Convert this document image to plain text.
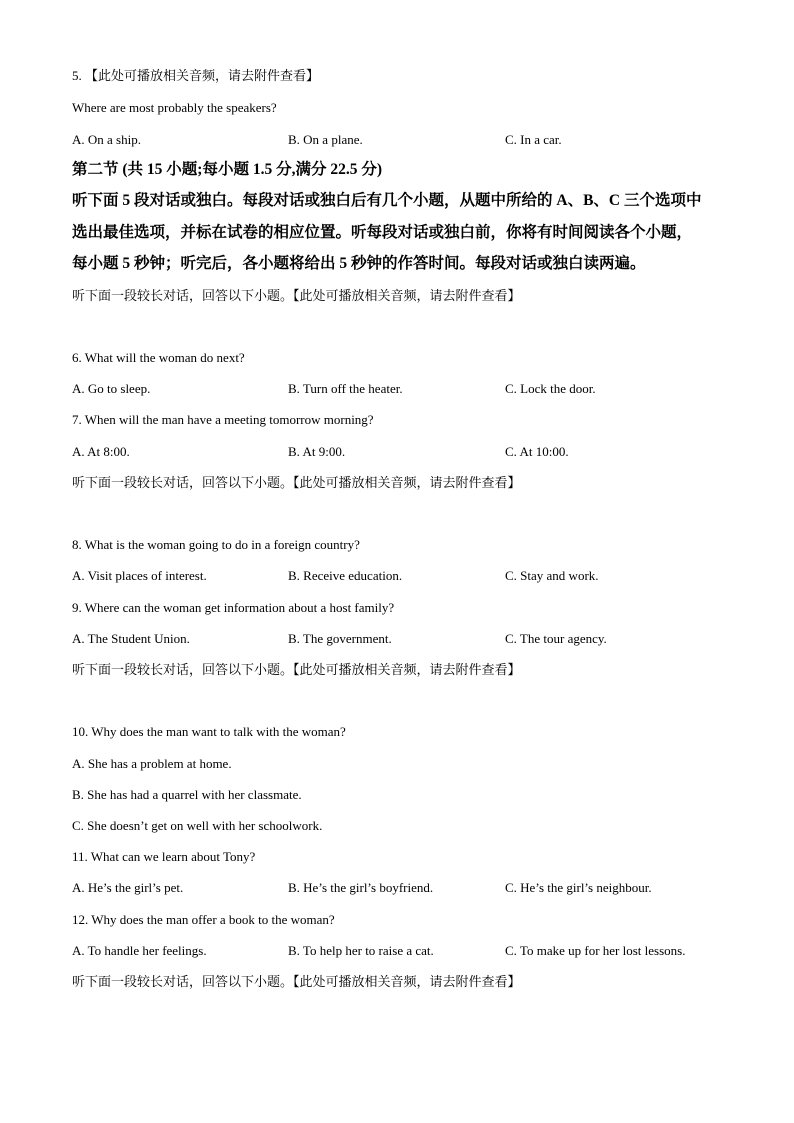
5. 【此处可播放相关音频，请去附件查看】
Where are most probably the speakers?
A. On a ship.	B. On a plane.	C. In a car.
第二节 (共 15 小题;每小题 1.5 分,满分 22.5 分)
听下面 5 段对话或独白。每段对话或独白后有几个小题，从题中所给的 A、B、C 三个选项中
选出最佳选项，并标在试卷的相应位置。听每段对话或独白前，你将有时间阅读各个小题，
每小题 5 秒钟；听完后，各小题将给出 5 秒钟的作答时间。每段对话或独白读两遍。
听下面一段较长对话，回答以下小题。【此处可播放相关音频，请去附件查看】
6. What will the woman do next?
A. Go to sleep.	B. Turn off the heater.	C. Lock the door.
7. When will the man have a meeting tomorrow morning?
A. At 8:00.	B. At 9:00.	C. At 10:00.
听下面一段较长对话，回答以下小题。【此处可播放相关音频，请去附件查看】
8. What is the woman going to do in a foreign country?
A. Visit places of interest.	B. Receive education.	C. Stay and work.
9. Where can the woman get information about a host family?
A. The Student Union.	B. The government.	C. The tour agency.
听下面一段较长对话，回答以下小题。【此处可播放相关音频，请去附件查看】
10. Why does the man want to talk with the woman?
A. She has a problem at home.
B. She has had a quarrel with her classmate.
C. She doesn’t get on well with her schoolwork.
11. What can we learn about Tony?
A. He’s the girl’s pet.	B. He’s the girl’s boyfriend.	C. He’s the girl’s neighbour.
12. Why does the man offer a book to the woman?
A. To handle her feelings.	B. To help her to raise a cat.	C. To make up for her lost lessons.
听下面一段较长对话，回答以下小题。【此处可播放相关音频，请去附件查看】
